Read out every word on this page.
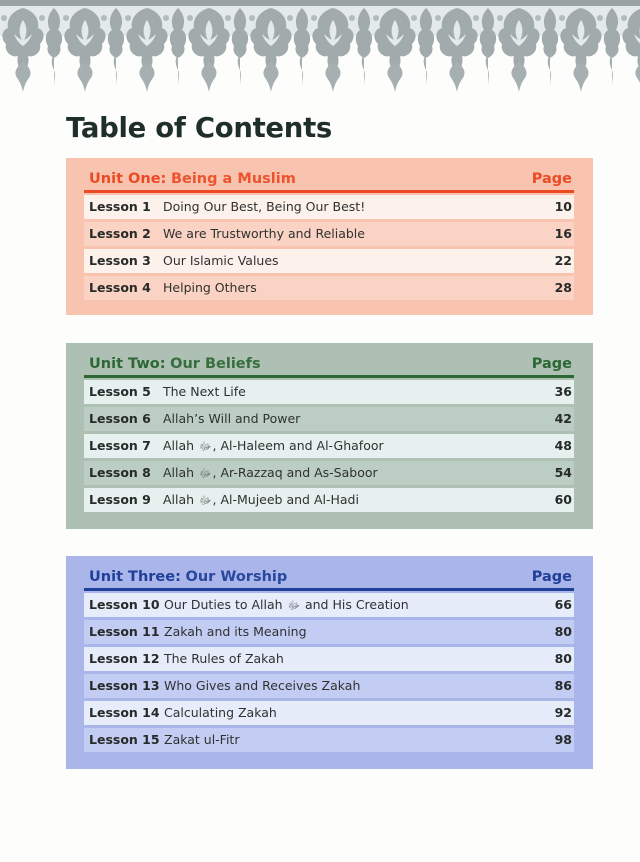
Table of Contents
Unit One: Being a Muslim	Page
Lesson 1 Doing Our Best, Being Our Best!	10
Lesson 2 We are Trustworthy and Reliable	16
Lesson 3 Our Islamic Values	22
Lesson 4 Helping Others	28
Unit Two: Our Beliefs	Page
Lesson 5 The Next Life	36
Lesson 6 Allah’s Will and Power	42
Lesson 7 Allah ﷻ, Al-Haleem and Al-Ghafoor	48
Lesson 8 Allah ﷻ, Ar-Razzaq and As-Saboor	54
Lesson 9 Allah ﷻ, Al-Mujeeb and Al-Hadi	60
Unit Three: Our Worship	Page
Lesson 10 Our Duties to Allah ﷻ and His Creation	66
Lesson 11 Zakah and its Meaning	80
Lesson 12 The Rules of Zakah	80
Lesson 13 Who Gives and Receives Zakah	86
Lesson 14 Calculating Zakah	92
Lesson 15 Zakat ul-Fitr	98
